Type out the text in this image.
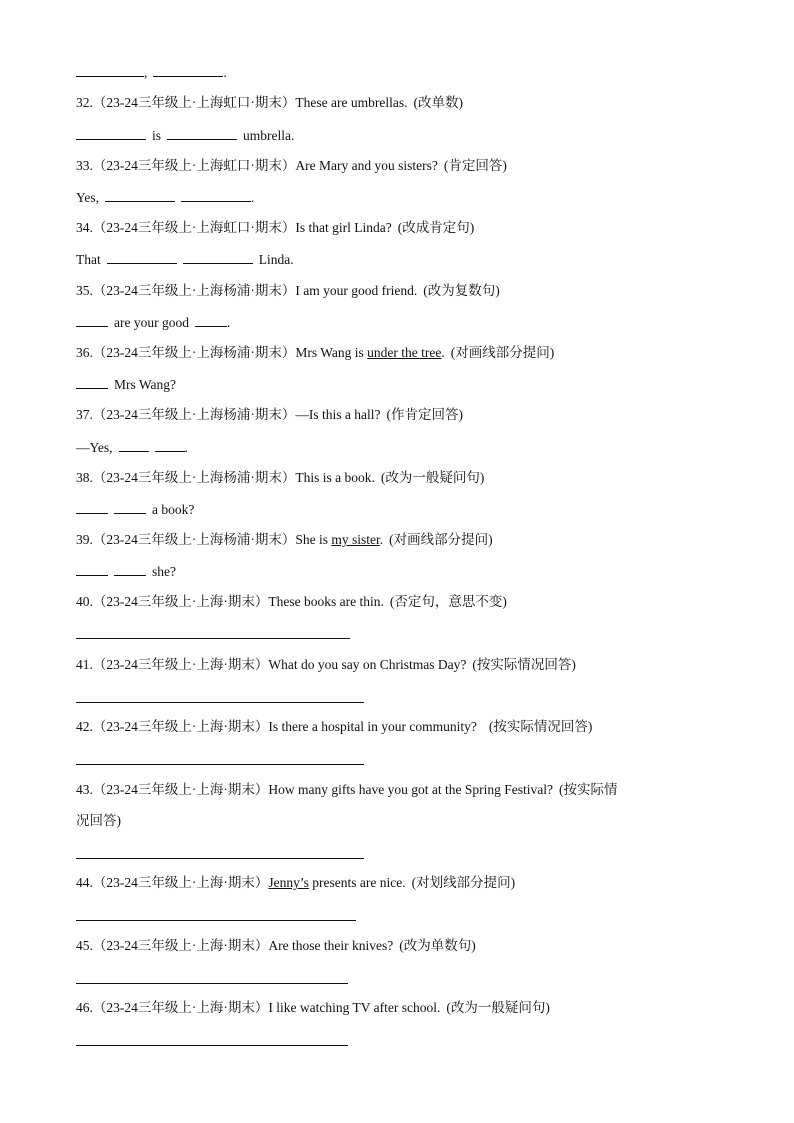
,	.
32.（23-24三年级上·上海虹口·期末）These are umbrellas. (改单数)
is	umbrella.
33.（23-24三年级上·上海虹口·期末）Are Mary and you sisters? (肯定回答)
Yes,	.
34.（23-24三年级上·上海虹口·期末）Is that girl Linda? (改成肯定句)
That	Linda.
35.（23-24三年级上·上海杨浦·期末）I am your good friend. (改为复数句)
are your good	.
36.（23-24三年级上·上海杨浦·期末）Mrs Wang is under the tree. (对画线部分提问)
Mrs Wang?
37.（23-24三年级上·上海杨浦·期末）—Is this a hall? (作肯定回答)
—Yes,	.
38.（23-24三年级上·上海杨浦·期末）This is a book. (改为一般疑问句)
a book?
39.（23-24三年级上·上海杨浦·期末）She is my sister. (对画线部分提问)
she?
40.（23-24三年级上·上海·期末）These books are thin. (否定句，意思不变)
41.（23-24三年级上·上海·期末）What do you say on Christmas Day? (按实际情况回答)
42.（23-24三年级上·上海·期末）Is there a hospital in your community? (按实际情况回答)
43.（23-24三年级上·上海·期末）How many gifts have you got at the Spring Festival? (按实际情
况回答)
44.（23-24三年级上·上海·期末）Jenny’s presents are nice. (对划线部分提问)
45.（23-24三年级上·上海·期末）Are those their knives? (改为单数句)
46.（23-24三年级上·上海·期末）I like watching TV after school. (改为一般疑问句)
